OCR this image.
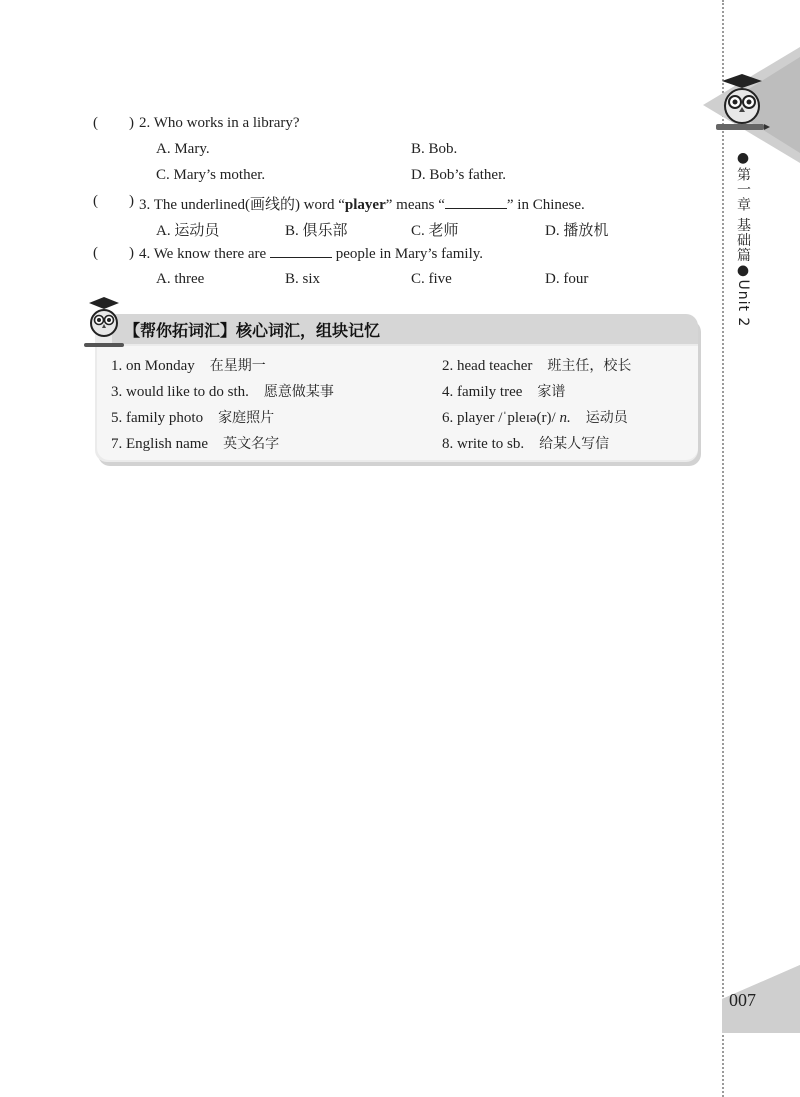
●第一章 基础篇●Unit 2
007
( ) 2. Who works in a library?
A. Mary.	B. Bob.
C. Mary’s mother.	D. Bob’s father.
( ) 3. The underlined(画线的) word “player” means “	” in Chinese.
A. 运动员	B. 俱乐部	C. 老师	D. 播放机
( ) 4. We know there are	people in Mary’s family.
A. three	B. six	C. five	D. four
【帮你拓词汇】核心词汇，组块记忆
1. on Monday 在星期一	2. head teacher 班主任，校长
3. would like to do sth. 愿意做某事	4. family tree 家谱
5. family photo 家庭照片	6. player /ˈpleɪə(r)/ n. 运动员
7. English name 英文名字	8. write to sb. 给某人写信
